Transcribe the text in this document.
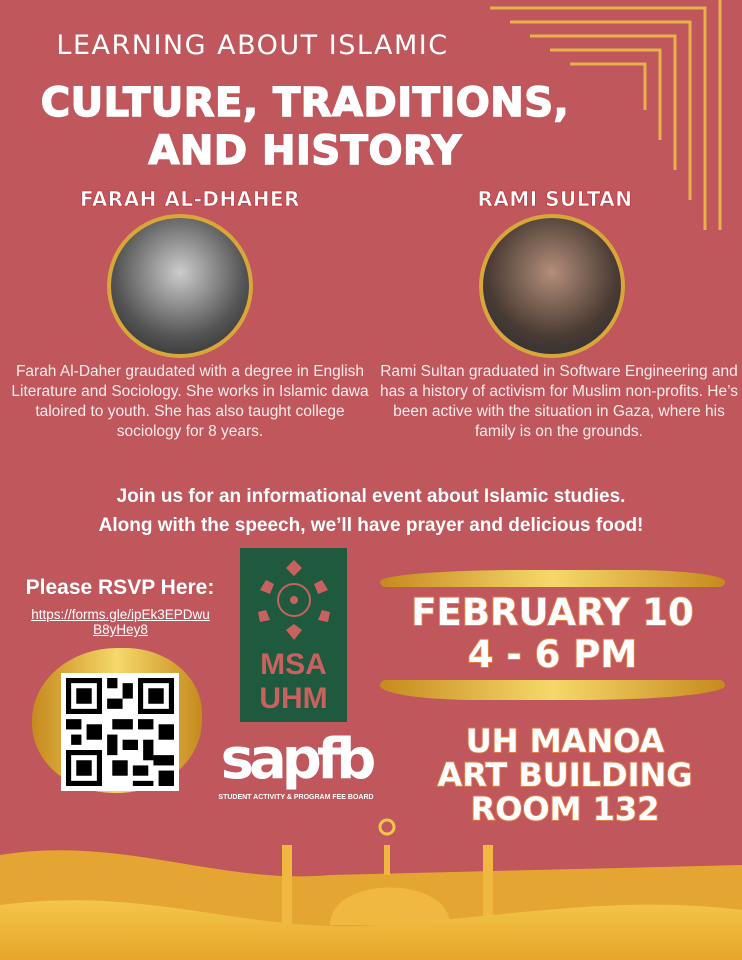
LEARNING ABOUT ISLAMIC
CULTURE, TRADITIONS,
AND HISTORY
FARAH AL-DHAHER	RAMI SULTAN
Farah Al-Daher graudated with a degree in English Literature and Sociology. She works in Islamic dawa taloired to youth. She has also taught college sociology for 8 years.
Rami Sultan graduated in Software Engineering and has a history of activism for Muslim non-profits. He’s been active with the situation in Gaza, where his family is on the grounds.
Join us for an informational event about Islamic studies.
Along with the speech, we’ll have prayer and delicious food!
Please RSVP Here:
https://forms.gle/ipEk3EPDwuB8yHey8
MSA
UHM
sapfb
STUDENT ACTIVITY & PROGRAM FEE BOARD
FEBRUARY 10
4 - 6 PM
UH MANOA
ART BUILDING
ROOM 132
